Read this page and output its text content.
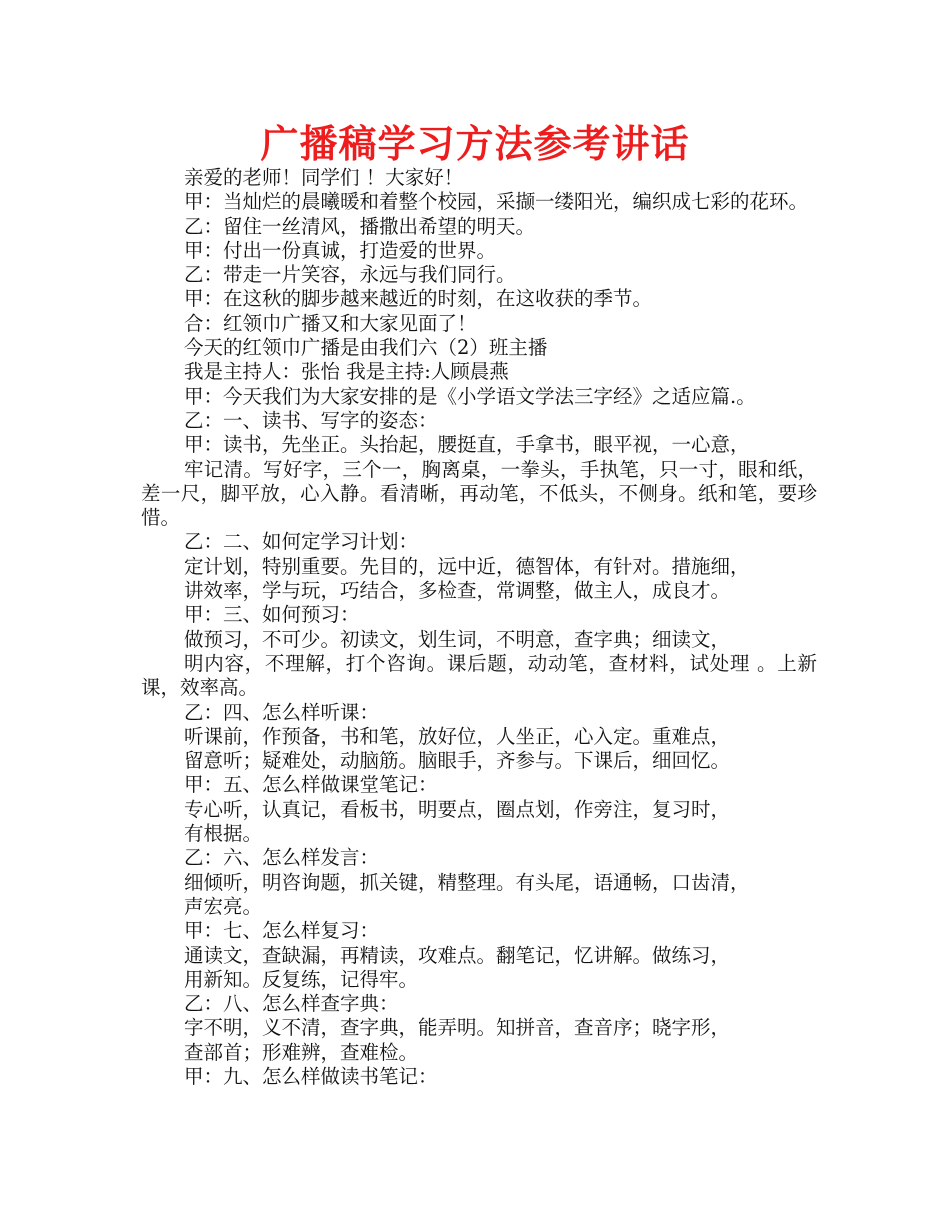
广播稿学习方法参考讲话
亲爱的老师！同学们 ！大家好！
甲：当灿烂的晨曦暖和着整个校园，采撷一缕阳光，编织成七彩的花环。
乙：留住一丝清风，播撒出希望的明天。
甲：付出一份真诚，打造爱的世界。
乙：带走一片笑容，永远与我们同行。
甲：在这秋的脚步越来越近的时刻，在这收获的季节。
合：红领巾广播又和大家见面了！
今天的红领巾广播是由我们六（2）班主播
我是主持人：张怡 我是主持:人顾晨燕
甲：今天我们为大家安排的是《小学语文学法三字经》之适应篇.。
乙：一、读书、写字的姿态：
甲：读书，先坐正。头抬起，腰挺直，手拿书，眼平视，一心意，
牢记清。写好字，三个一，胸离桌，一拳头，手执笔，只一寸，眼和纸，差一尺，脚平放，心入静。看清晰，再动笔，不低头，不侧身。纸和笔，要珍惜。
乙：二、如何定学习计划：
定计划，特别重要。先目的，远中近，德智体，有针对。措施细，
讲效率，学与玩，巧结合，多检查，常调整，做主人，成良才。
甲：三、如何预习：
做预习，不可少。初读文，划生词，不明意，查字典；细读文，
明内容，不理解，打个咨询。课后题，动动笔，查材料，试处理 。上新课，效率高。
乙：四、怎么样听课：
听课前，作预备，书和笔，放好位，人坐正，心入定。重难点，
留意听；疑难处，动脑筋。脑眼手，齐参与。下课后，细回忆。
甲：五、怎么样做课堂笔记：
专心听，认真记，看板书，明要点，圈点划，作旁注，复习时，
有根据。
乙：六、怎么样发言：
细倾听，明咨询题，抓关键，精整理。有头尾，语通畅，口齿清，
声宏亮。
甲：七、怎么样复习：
通读文，查缺漏，再精读，攻难点。翻笔记，忆讲解。做练习，
用新知。反复练，记得牢。
乙：八、怎么样查字典：
字不明，义不清，查字典，能弄明。知拼音，查音序；晓字形，
查部首；形难辨，查难检。
甲：九、怎么样做读书笔记：
